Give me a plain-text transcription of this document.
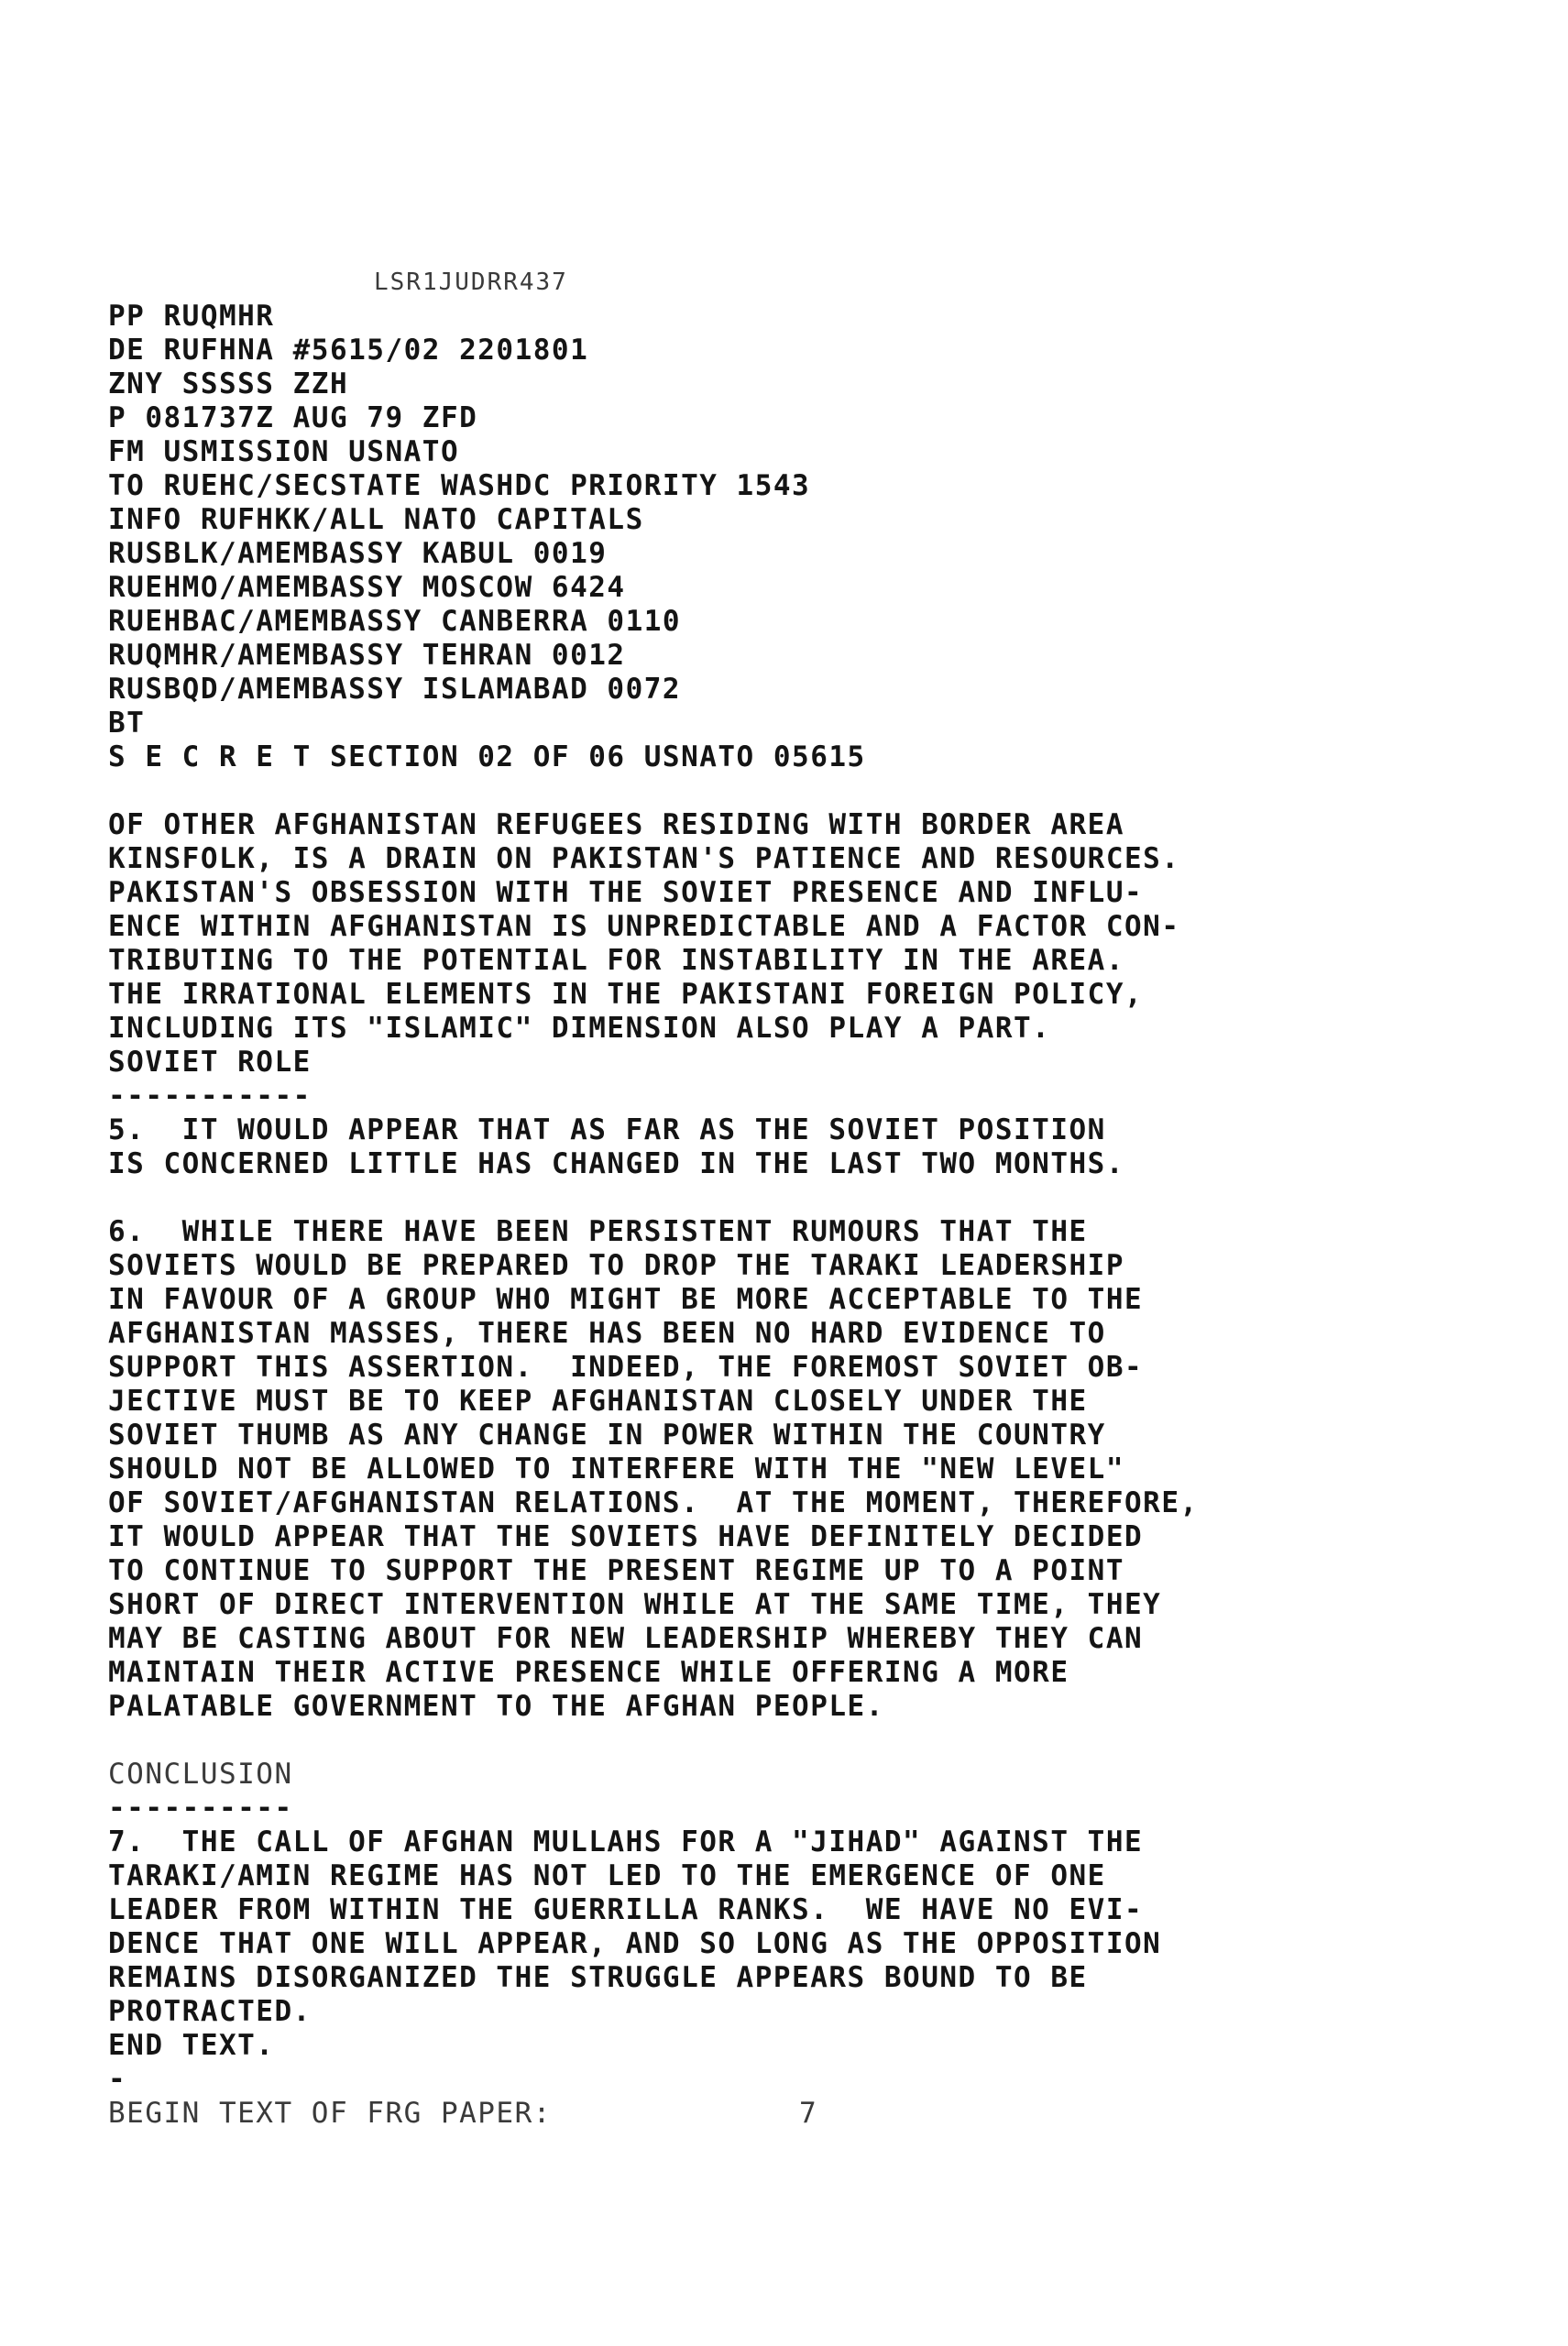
LSR1JUDRR437
PP RUQMHR
DE RUFHNA #5615/02 2201801
ZNY SSSSS ZZH
P 081737Z AUG 79 ZFD
FM USMISSION USNATO
TO RUEHC/SECSTATE WASHDC PRIORITY 1543
INFO RUFHKK/ALL NATO CAPITALS
RUSBLK/AMEMBASSY KABUL 0019
RUEHMO/AMEMBASSY MOSCOW 6424
RUEHBAC/AMEMBASSY CANBERRA 0110
RUQMHR/AMEMBASSY TEHRAN 0012
RUSBQD/AMEMBASSY ISLAMABAD 0072
BT
S E C R E T SECTION 02 OF 06 USNATO 05615
OF OTHER AFGHANISTAN REFUGEES RESIDING WITH BORDER AREA
KINSFOLK, IS A DRAIN ON PAKISTAN'S PATIENCE AND RESOURCES.
PAKISTAN'S OBSESSION WITH THE SOVIET PRESENCE AND INFLU-
ENCE WITHIN AFGHANISTAN IS UNPREDICTABLE AND A FACTOR CON-
TRIBUTING TO THE POTENTIAL FOR INSTABILITY IN THE AREA.
THE IRRATIONAL ELEMENTS IN THE PAKISTANI FOREIGN POLICY,
INCLUDING ITS "ISLAMIC" DIMENSION ALSO PLAY A PART.
SOVIET ROLE
-----------
5.  IT WOULD APPEAR THAT AS FAR AS THE SOVIET POSITION
IS CONCERNED LITTLE HAS CHANGED IN THE LAST TWO MONTHS.
6.  WHILE THERE HAVE BEEN PERSISTENT RUMOURS THAT THE
SOVIETS WOULD BE PREPARED TO DROP THE TARAKI LEADERSHIP
IN FAVOUR OF A GROUP WHO MIGHT BE MORE ACCEPTABLE TO THE
AFGHANISTAN MASSES, THERE HAS BEEN NO HARD EVIDENCE TO
SUPPORT THIS ASSERTION.  INDEED, THE FOREMOST SOVIET OB-
JECTIVE MUST BE TO KEEP AFGHANISTAN CLOSELY UNDER THE
SOVIET THUMB AS ANY CHANGE IN POWER WITHIN THE COUNTRY
SHOULD NOT BE ALLOWED TO INTERFERE WITH THE "NEW LEVEL"
OF SOVIET/AFGHANISTAN RELATIONS.  AT THE MOMENT, THEREFORE,
IT WOULD APPEAR THAT THE SOVIETS HAVE DEFINITELY DECIDED
TO CONTINUE TO SUPPORT THE PRESENT REGIME UP TO A POINT
SHORT OF DIRECT INTERVENTION WHILE AT THE SAME TIME, THEY
MAY BE CASTING ABOUT FOR NEW LEADERSHIP WHEREBY THEY CAN
MAINTAIN THEIR ACTIVE PRESENCE WHILE OFFERING A MORE
PALATABLE GOVERNMENT TO THE AFGHAN PEOPLE.
CONCLUSION
----------
7.  THE CALL OF AFGHAN MULLAHS FOR A "JIHAD" AGAINST THE
TARAKI/AMIN REGIME HAS NOT LED TO THE EMERGENCE OF ONE
LEADER FROM WITHIN THE GUERRILLA RANKS.  WE HAVE NO EVI-
DENCE THAT ONE WILL APPEAR, AND SO LONG AS THE OPPOSITION
REMAINS DISORGANIZED THE STRUGGLE APPEARS BOUND TO BE
PROTRACTED.
END TEXT.
-
BEGIN TEXT OF FRG PAPER:	7
